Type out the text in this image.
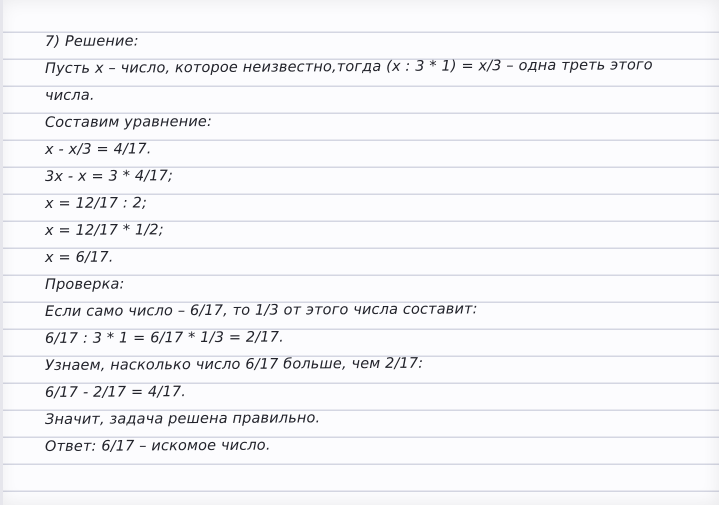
7) Решение:
Пусть x – число, которое неизвестно,тогда (x : 3 * 1) = x/3 – одна треть этого
числа.
Составим уравнение:
x - x/3 = 4/17.
3x - x = 3 * 4/17;
x = 12/17 : 2;
x = 12/17 * 1/2;
x = 6/17.
Проверка:
Если само число – 6/17, то 1/3 от этого числа составит:
6/17 : 3 * 1 = 6/17 * 1/3 = 2/17.
Узнаем, насколько число 6/17 больше, чем 2/17:
6/17 - 2/17 = 4/17.
Значит, задача решена правильно.
Ответ: 6/17 – искомое число.
